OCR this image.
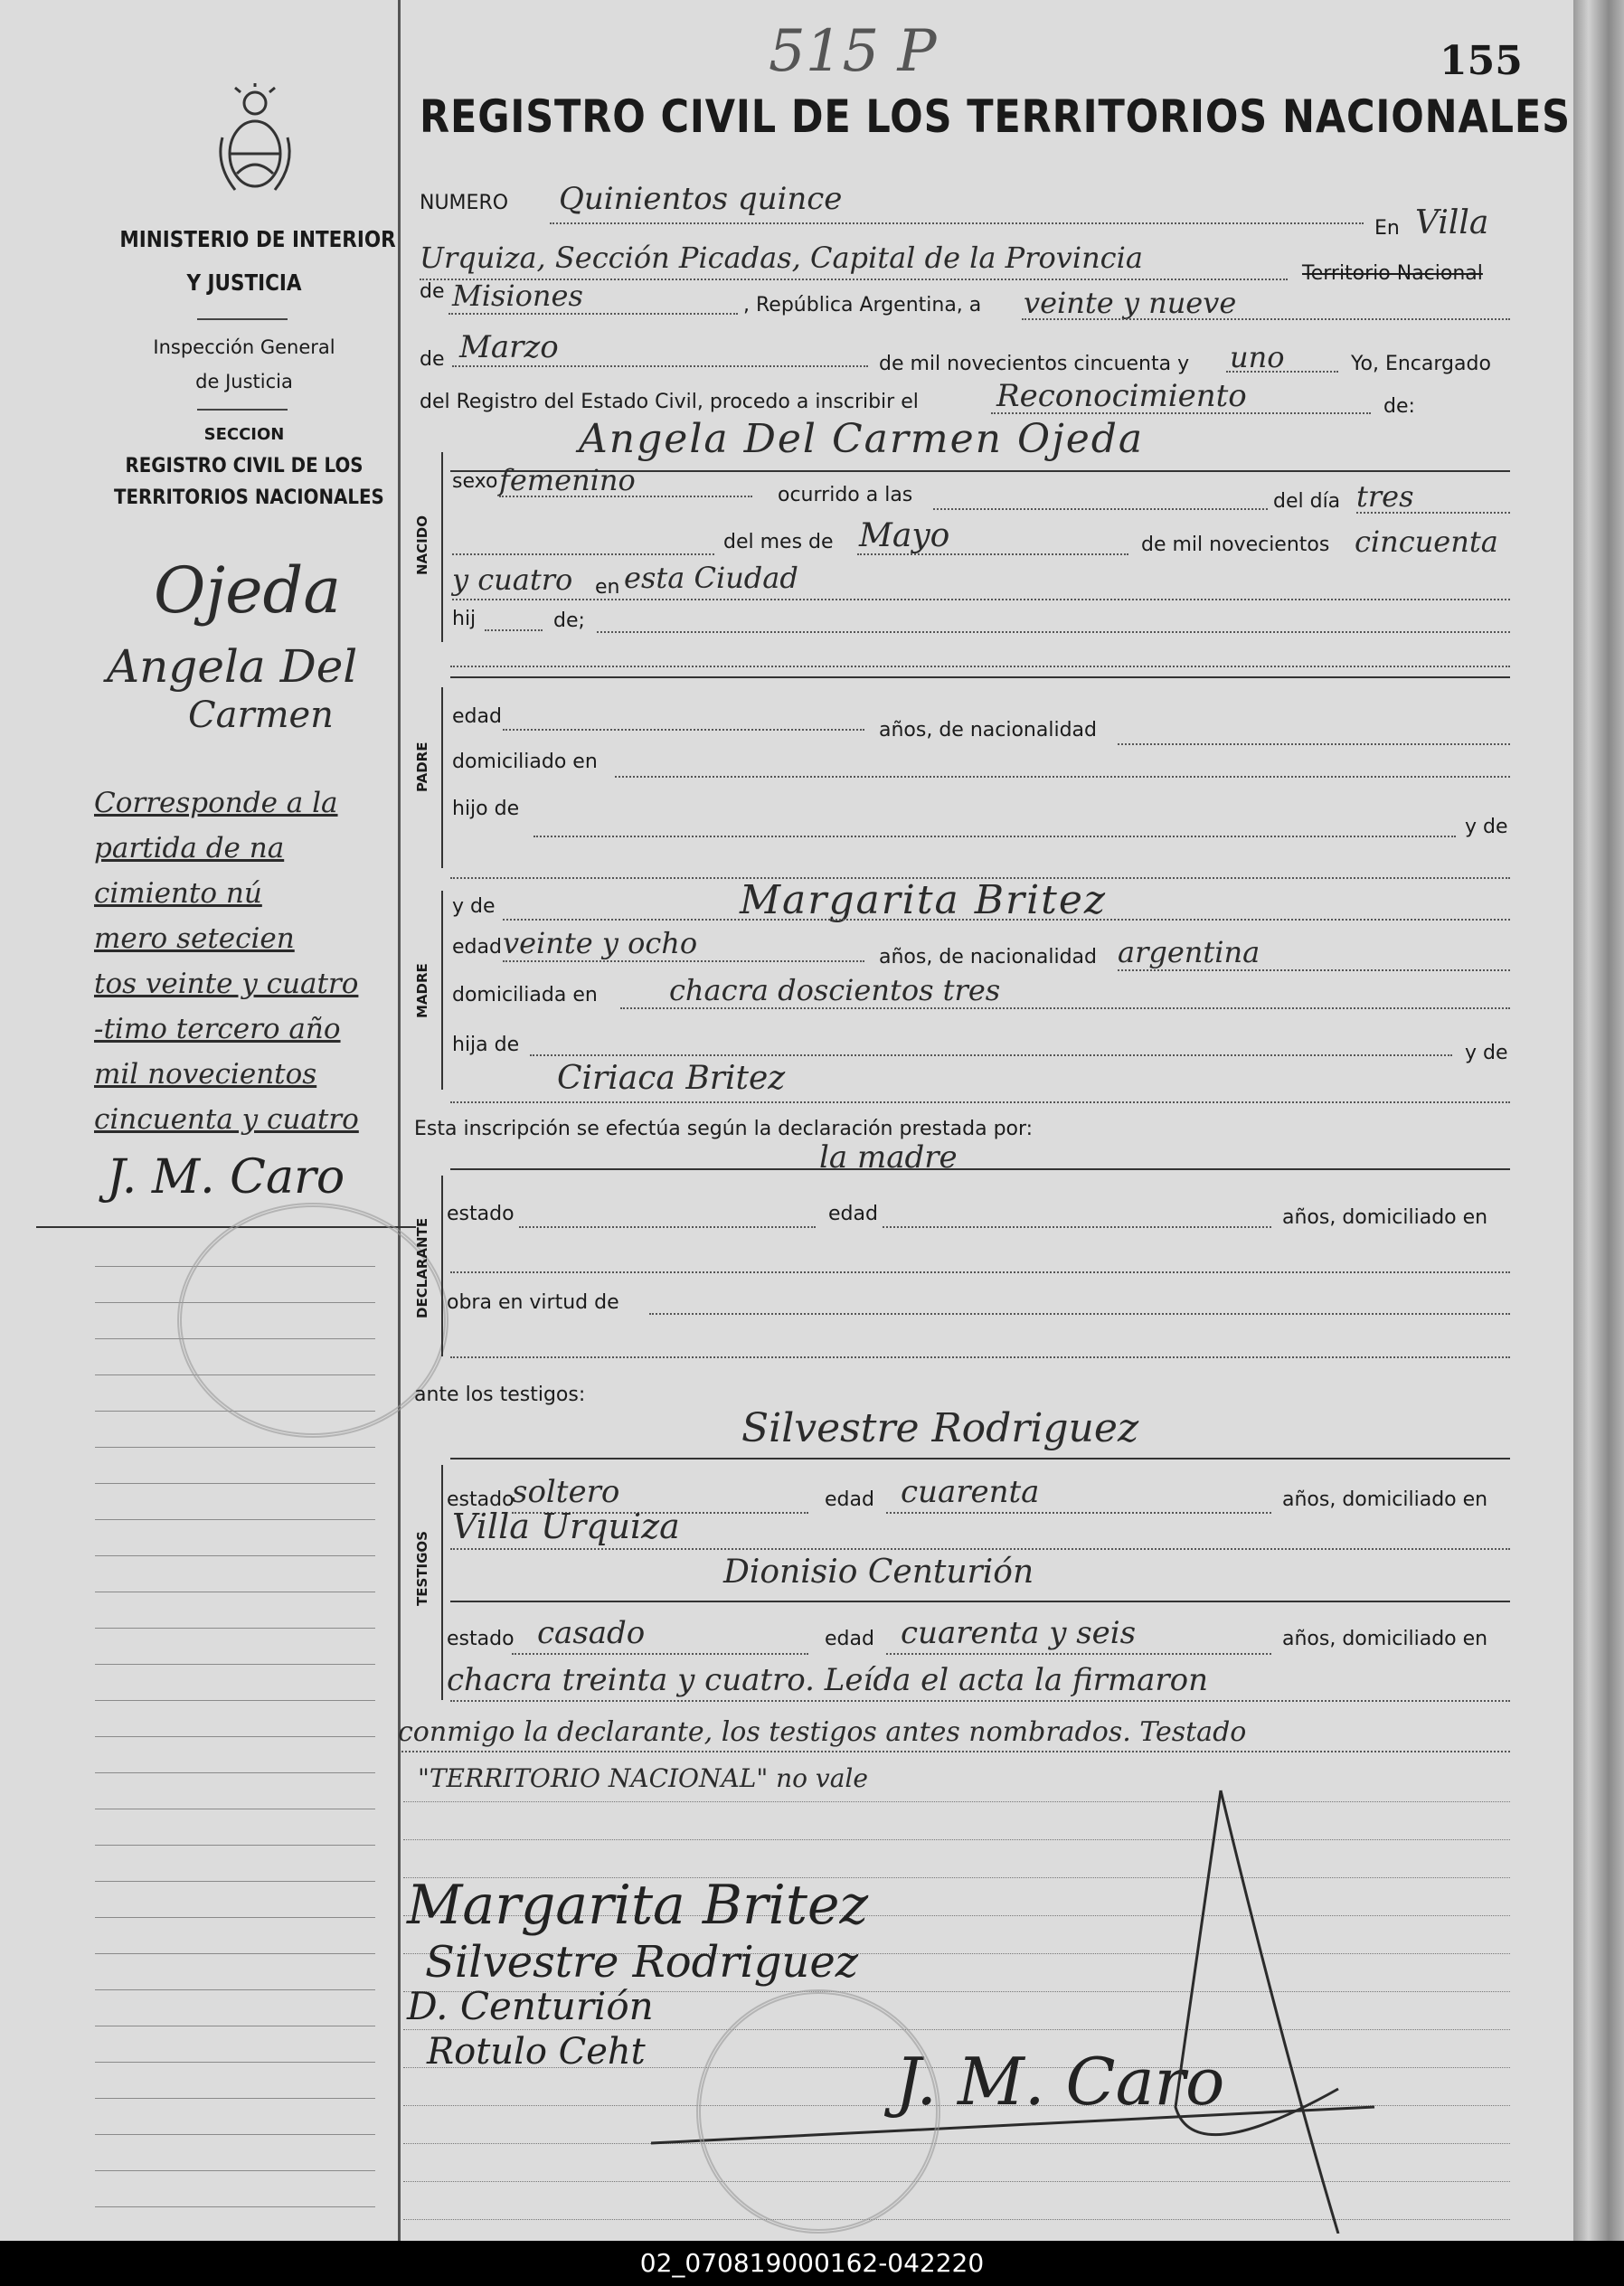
MINISTERIO DE INTERIOR
Y JUSTICIA
Inspección General
de Justicia
SECCION
REGISTRO CIVIL DE LOS
TERRITORIOS NACIONALES
Ojeda
Angela Del
Carmen
Corresponde a la
partida de na
cimiento nú
mero setecien
tos veinte y cuatro
-timo tercero año
mil novecientos
cincuenta y cuatro
J. M. Caro
515 P	155
REGISTRO CIVIL DE LOS TERRITORIOS NACIONALES
NUMERO Quinientos quince
En Villa
Urquiza, Sección Picadas, Capital de la Provincia	Territorio Nacional
de Misiones	, República Argentina, a veinte y nueve
de Marzo	de mil novecientos cincuenta y uno	Yo, Encargado
del Registro del Estado Civil, procedo a inscribir el	Reconocimiento	de:
Angela Del Carmen Ojeda
NACIDO
sexo femenino	ocurrido a las	del día tres
del mes de Mayo	de mil novecientos cincuenta
y cuatro en esta Ciudad
hij	de;
PADRE
edad
años, de nacionalidad
domiciliado en
hijo de
y de
MADRE
y de	Margarita Britez
edad veinte y ocho	años, de nacionalidad argentina
domiciliada en chacra doscientos tres
hija de	y de
Ciriaca Britez
Esta inscripción se efectúa según la declaración prestada por:
la madre
DECLARANTE
estado	edad	años, domiciliado en
obra en virtud de
ante los testigos:
Silvestre Rodriguez
TESTIGOS
estado
soltero	edad cuarenta	años, domiciliado en
Villa Urquiza
Dionisio Centurión
estado casado	edad cuarenta y seis	años, domiciliado en
chacra treinta y cuatro. Leída el acta la firmaron
conmigo la declarante, los testigos antes nombrados. Testado
"TERRITORIO NACIONAL" no vale
Margarita Britez
Silvestre Rodriguez
D. Centurión
Rotulo Ceht	J. M. Caro
02_070819000162-042220
